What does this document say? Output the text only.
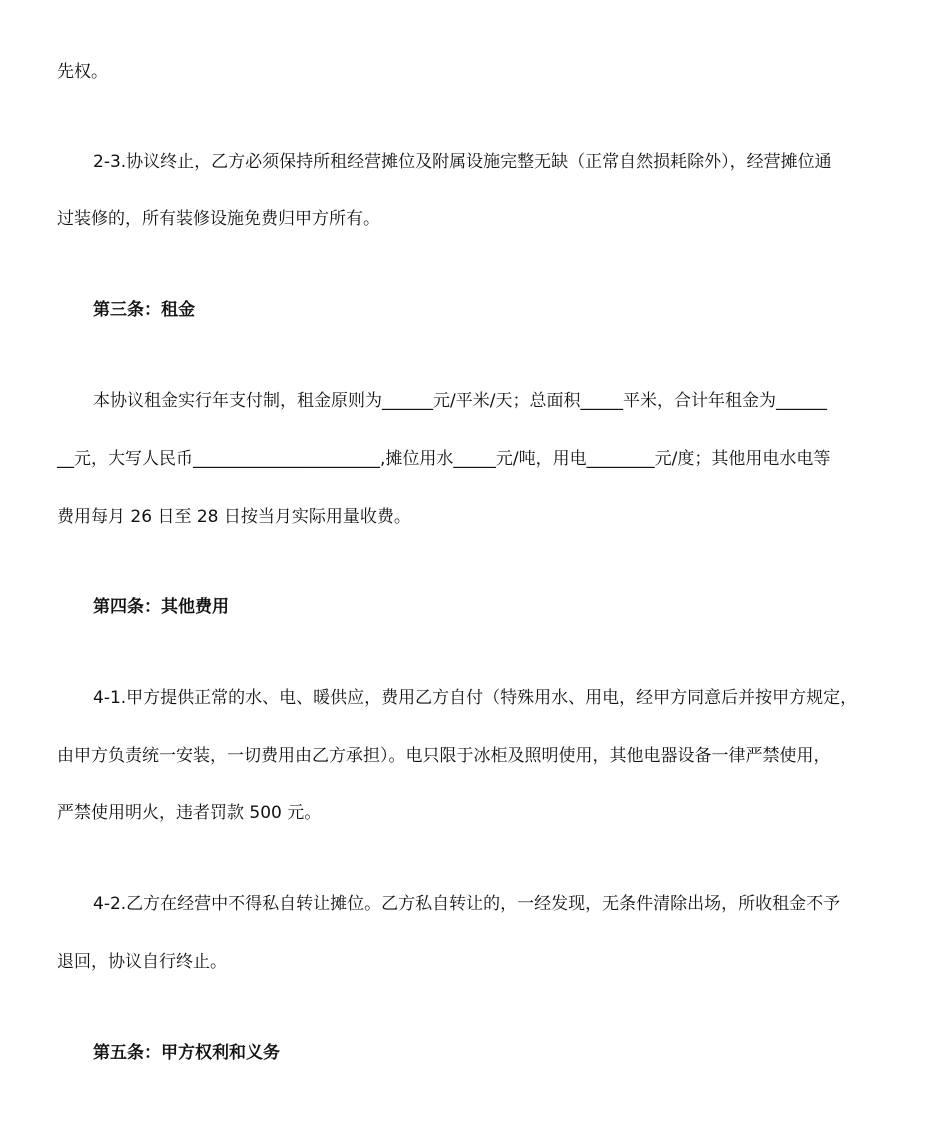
先权。
2-3.协议终止，乙方必须保持所租经营摊位及附属设施完整无缺（正常自然损耗除外），经营摊位通
过装修的，所有装修设施免费归甲方所有。
第三条：租金
本协议租金实行年支付制，租金原则为______元/平米/天；总面积_____平米，合计年租金为______
__元，大写人民币______________________,摊位用水_____元/吨，用电________元/度；其他用电水电等
费用每月 26 日至 28 日按当月实际用量收费。
第四条：其他费用
4-1.甲方提供正常的水、电、暖供应，费用乙方自付（特殊用水、用电，经甲方同意后并按甲方规定，
由甲方负责统一安装，一切费用由乙方承担）。电只限于冰柜及照明使用，其他电器设备一律严禁使用，
严禁使用明火，违者罚款 500 元。
4-2.乙方在经营中不得私自转让摊位。乙方私自转让的，一经发现，无条件清除出场，所收租金不予
退回，协议自行终止。
第五条：甲方权利和义务
